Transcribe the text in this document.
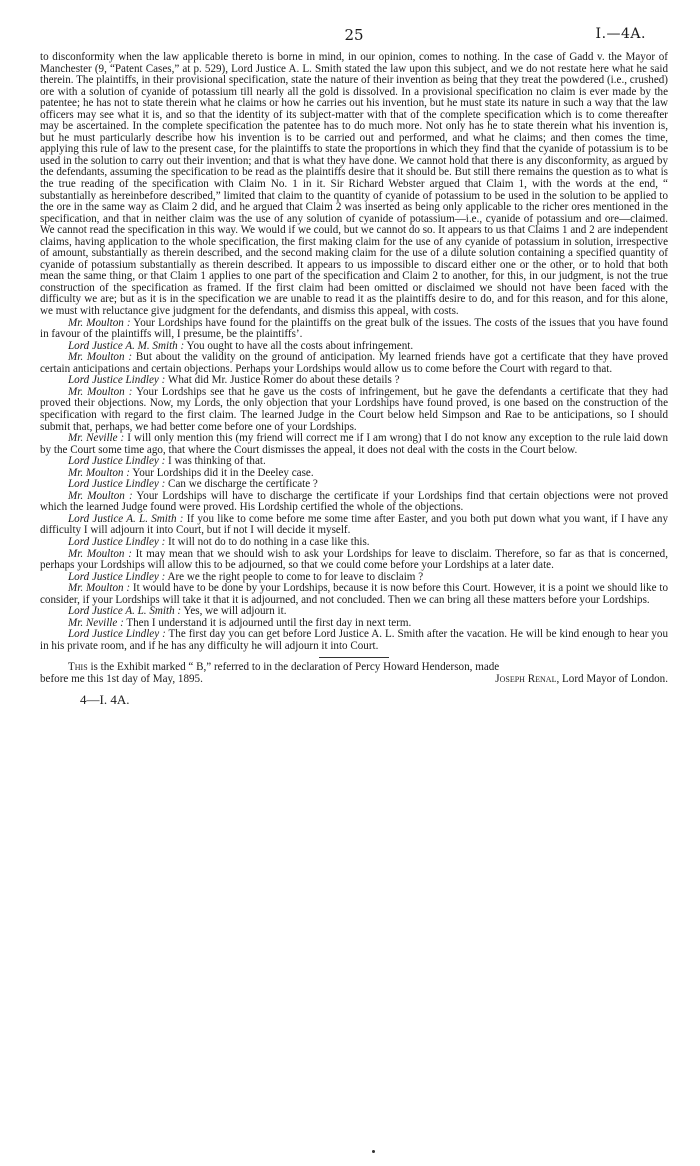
25	I.—4A.

to disconformity when the law applicable thereto is borne in mind, in our opinion, comes to nothing. In the case of Gadd v. the Mayor of Manchester (9, “Patent Cases,” at p. 529), Lord Justice A. L. Smith stated the law upon this subject, and we do not restate here what he said therein. The plaintiffs, in their provisional specification, state the nature of their invention as being that they treat the powdered (i.e., crushed) ore with a solution of cyanide of potassium till nearly all the gold is dissolved. In a provisional specification no claim is ever made by the patentee; he has not to state therein what he claims or how he carries out his invention, but he must state its nature in such a way that the law officers may see what it is, and so that the identity of its subject-matter with that of the complete specification which is to come thereafter may be ascertained. In the complete specification the patentee has to do much more. Not only has he to state therein what his invention is, but he must particularly describe how his invention is to be carried out and performed, and what he claims; and then comes the time, applying this rule of law to the present case, for the plaintiffs to state the proportions in which they find that the cyanide of potassium is to be used in the solution to carry out their invention; and that is what they have done. We cannot hold that there is any disconformity, as argued by the defendants, assuming the specification to be read as the plaintiffs desire that it should be. But still there remains the question as to what is the true reading of the specification with Claim No. 1 in it. Sir Richard Webster argued that Claim 1, with the words at the end, “ substantially as hereinbefore described,” limited that claim to the quantity of cyanide of potassium to be used in the solution to be applied to the ore in the same way as Claim 2 did, and he argued that Claim 2 was inserted as being only applicable to the richer ores mentioned in the specification, and that in neither claim was the use of any solution of cyanide of potassium—i.e., cyanide of potassium and ore—claimed. We cannot read the specification in this way. We would if we could, but we cannot do so. It appears to us that Claims 1 and 2 are independent claims, having application to the whole specification, the first making claim for the use of any cyanide of potassium in solution, irrespective of amount, substantially as therein described, and the second making claim for the use of a dilute solution containing a specified quantity of cyanide of potassium substantially as therein described. It appears to us impossible to discard either one or the other, or to hold that both mean the same thing, or that Claim 1 applies to one part of the specification and Claim 2 to another, for this, in our judgment, is not the true construction of the specification as framed. If the first claim had been omitted or disclaimed we should not have been faced with the difficulty we are; but as it is in the specification we are unable to read it as the plaintiffs desire to do, and for this reason, and for this alone, we must with reluctance give judgment for the defendants, and dismiss this appeal, with costs.

Mr. Moulton : Your Lordships have found for the plaintiffs on the great bulk of the issues. The costs of the issues that you have found in favour of the plaintiffs will, I presume, be the plaintiffs’.

Lord Justice A. M. Smith : You ought to have all the costs about infringement.

Mr. Moulton : But about the validity on the ground of anticipation. My learned friends have got a certificate that they have proved certain anticipations and certain objections. Perhaps your Lordships would allow us to come before the Court with regard to that.

Lord Justice Lindley : What did Mr. Justice Romer do about these details ?

Mr. Moulton : Your Lordships see that he gave us the costs of infringement, but he gave the defendants a certificate that they had proved their objections. Now, my Lords, the only objection that your Lordships have found proved, is one based on the construction of the specification with regard to the first claim. The learned Judge in the Court below held Simpson and Rae to be anticipations, so I should submit that, perhaps, we had better come before one of your Lordships.

Mr. Neville : I will only mention this (my friend will correct me if I am wrong) that I do not know any exception to the rule laid down by the Court some time ago, that where the Court dismisses the appeal, it does not deal with the costs in the Court below.

Lord Justice Lindley : I was thinking of that.

Mr. Moulton : Your Lordships did it in the Deeley case.

Lord Justice Lindley : Can we discharge the certificate ?

Mr. Moulton : Your Lordships will have to discharge the certificate if your Lordships find that certain objections were not proved which the learned Judge found were proved. His Lordship certified the whole of the objections.

Lord Justice A. L. Smith : If you like to come before me some time after Easter, and you both put down what you want, if I have any difficulty I will adjourn it into Court, but if not I will decide it myself.

Lord Justice Lindley : It will not do to do nothing in a case like this.

Mr. Moulton : It may mean that we should wish to ask your Lordships for leave to disclaim. Therefore, so far as that is concerned, perhaps your Lordships will allow this to be adjourned, so that we could come before your Lordships at a later date.

Lord Justice Lindley : Are we the right people to come to for leave to disclaim ?

Mr. Moulton : It would have to be done by your Lordships, because it is now before this Court. However, it is a point we should like to consider, if your Lordships will take it that it is adjourned, and not concluded. Then we can bring all these matters before your Lordships.

Lord Justice A. L. Smith : Yes, we will adjourn it.

Mr. Neville : Then I understand it is adjourned until the first day in next term.

Lord Justice Lindley : The first day you can get before Lord Justice A. L. Smith after the vacation. He will be kind enough to hear you in his private room, and if he has any difficulty he will adjourn it into Court.

This is the Exhibit marked “ B,” referred to in the declaration of Percy Howard Henderson, made

before me this 1st day of May, 1895.	Joseph Renal, Lord Mayor of London.
4—I. 4A.
